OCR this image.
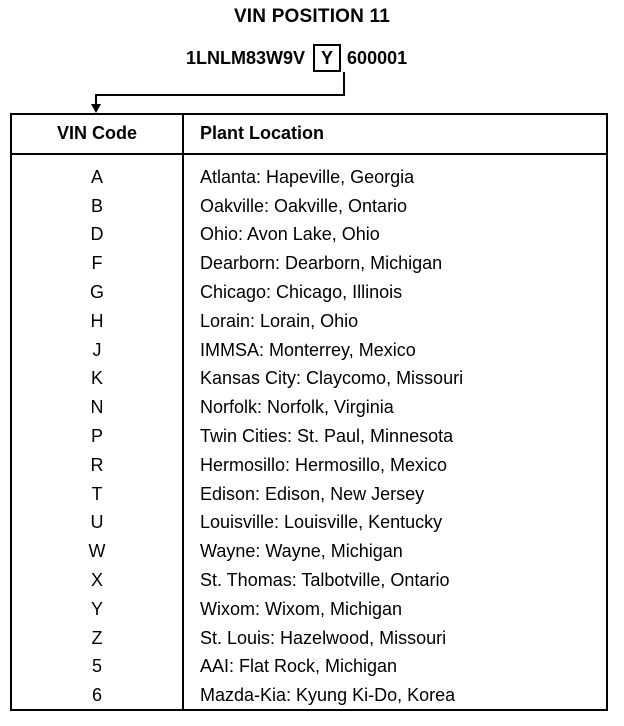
VIN POSITION 11
1LNLM83W9V Y 600001
VIN Code	Plant Location
A	Atlanta: Hapeville, Georgia
B	Oakville: Oakville, Ontario
D	Ohio: Avon Lake, Ohio
F	Dearborn: Dearborn, Michigan
G	Chicago: Chicago, Illinois
H	Lorain: Lorain, Ohio
J	IMMSA: Monterrey, Mexico
K	Kansas City: Claycomo, Missouri
N	Norfolk: Norfolk, Virginia
P	Twin Cities: St. Paul, Minnesota
R	Hermosillo: Hermosillo, Mexico
T	Edison: Edison, New Jersey
U	Louisville: Louisville, Kentucky
W	Wayne: Wayne, Michigan
X	St. Thomas: Talbotville, Ontario
Y	Wixom: Wixom, Michigan
Z	St. Louis: Hazelwood, Missouri
5	AAI: Flat Rock, Michigan
6	Mazda-Kia: Kyung Ki-Do, Korea
